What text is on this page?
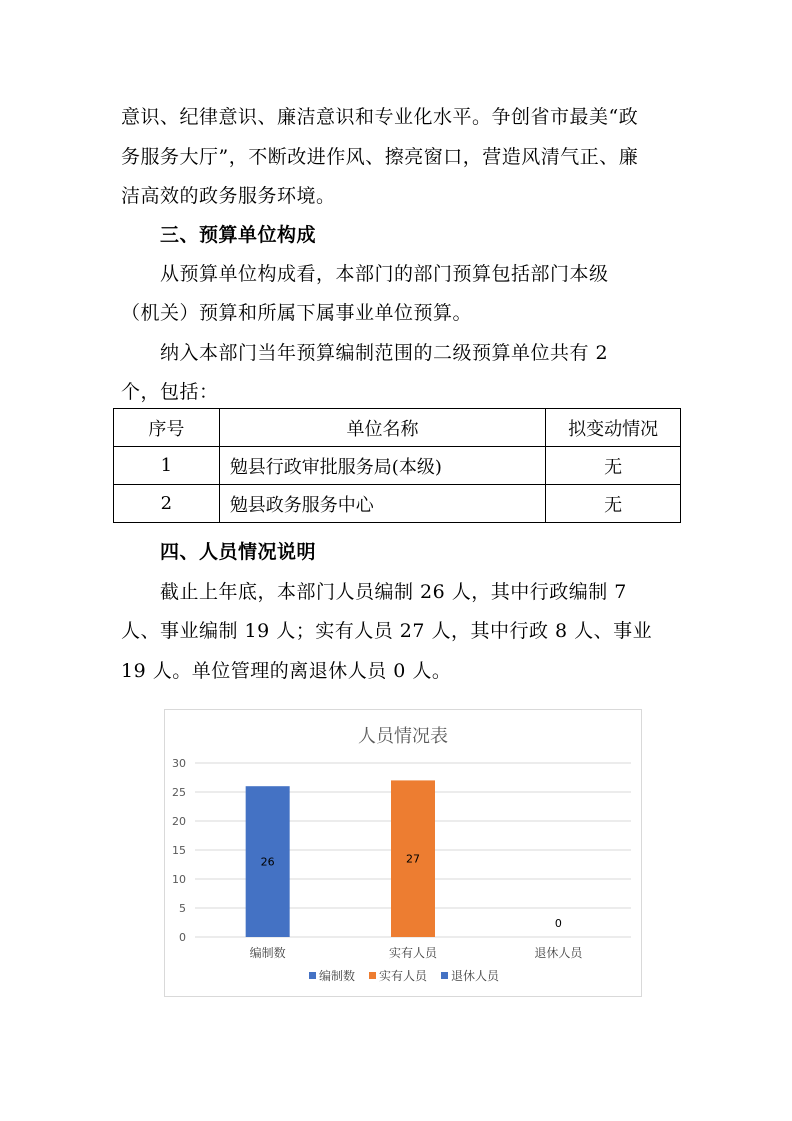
意识、纪律意识、廉洁意识和专业化水平。争创省市最美“政
务服务大厅”，不断改进作风、擦亮窗口，营造风清气正、廉
洁高效的政务服务环境。
三、预算单位构成
从预算单位构成看，本部门的部门预算包括部门本级
（机关）预算和所属下属事业单位预算。
纳入本部门当年预算编制范围的二级预算单位共有 2
个，包括：
序号	单位名称	拟变动情况
1	勉县行政审批服务局(本级)	无
2	勉县政务服务中心	无
四、人员情况说明
截止上年底，本部门人员编制 26 人，其中行政编制 7
人、事业编制 19 人；实有人员 27 人，其中行政 8 人、事业
19 人。单位管理的离退休人员 0 人。
人员情况表
0
5
10
15
20
25
30
26
编制数
27
实有人员
0
退休人员
编制数 实有人员 退休人员
